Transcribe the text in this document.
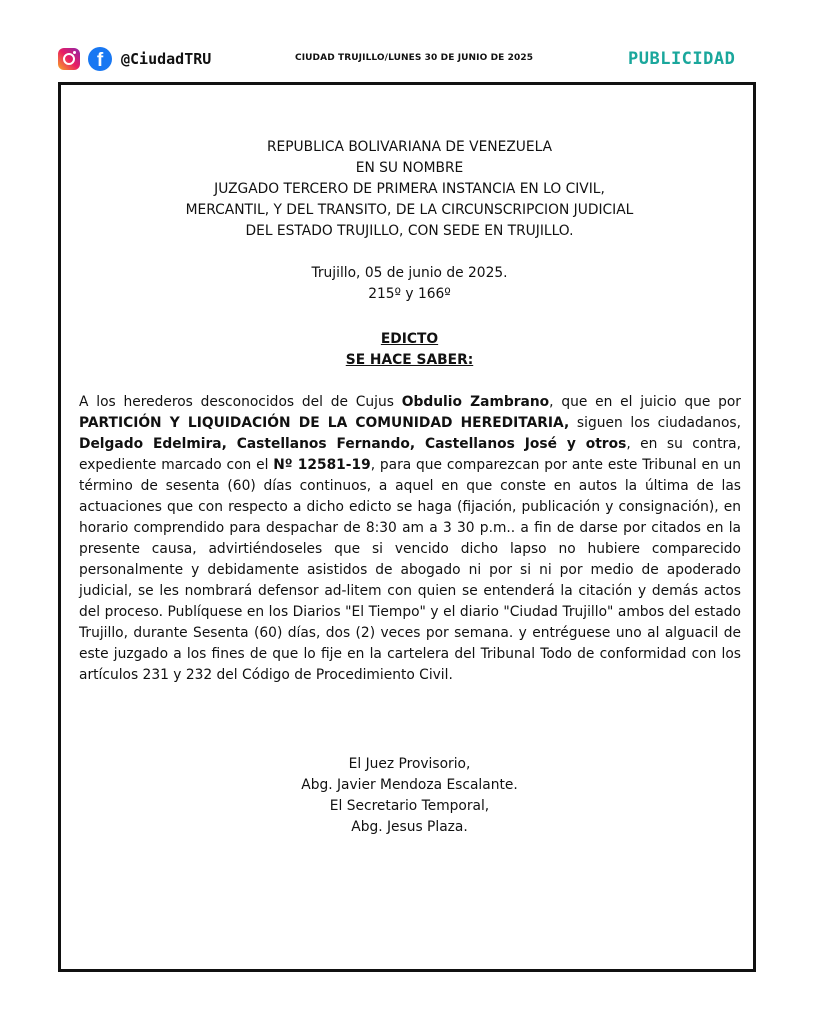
f	@CiudadTRU	CIUDAD TRUJILLO/LUNES 30 DE JUNIO DE 2025	PUBLICIDAD
REPUBLICA BOLIVARIANA DE VENEZUELA
EN SU NOMBRE
JUZGADO TERCERO DE PRIMERA INSTANCIA EN LO CIVIL,
MERCANTIL, Y DEL TRANSITO, DE LA CIRCUNSCRIPCION JUDICIAL
DEL ESTADO TRUJILLO, CON SEDE EN TRUJILLO.
Trujillo, 05 de junio de 2025.
215º y 166º
EDICTO
SE HACE SABER:
A los herederos desconocidos del de Cujus Obdulio Zambrano, que en el juicio que por PARTICIÓN Y LIQUIDACIÓN DE LA COMUNIDAD HEREDITARIA, siguen los ciudadanos, Delgado Edelmira, Castellanos Fernando, Castellanos José y otros, en su contra, expediente marcado con el Nº 12581-19, para que comparezcan por ante este Tribunal en un término de sesenta (60) días continuos, a aquel en que conste en autos la última de las actuaciones que con respecto a dicho edicto se haga (fijación, publicación y consignación), en horario comprendido para despachar de 8:30 am a 3 30 p.m.. a fin de darse por citados en la presente causa, advirtiéndoseles que si vencido dicho lapso no hubiere comparecido personalmente y debidamente asistidos de abogado ni por si ni por medio de apoderado judicial, se les nombrará defensor ad-litem con quien se entenderá la citación y demás actos del proceso. Publíquese en los Diarios "El Tiempo" y el diario "Ciudad Trujillo" ambos del estado Trujillo, durante Sesenta (60) días, dos (2) veces por semana. y entréguese uno al alguacil de este juzgado a los fines de que lo fije en la cartelera del Tribunal Todo de conformidad con los artículos 231 y 232 del Código de Procedimiento Civil.
El Juez Provisorio,
Abg. Javier Mendoza Escalante.
El Secretario Temporal,
Abg. Jesus Plaza.
